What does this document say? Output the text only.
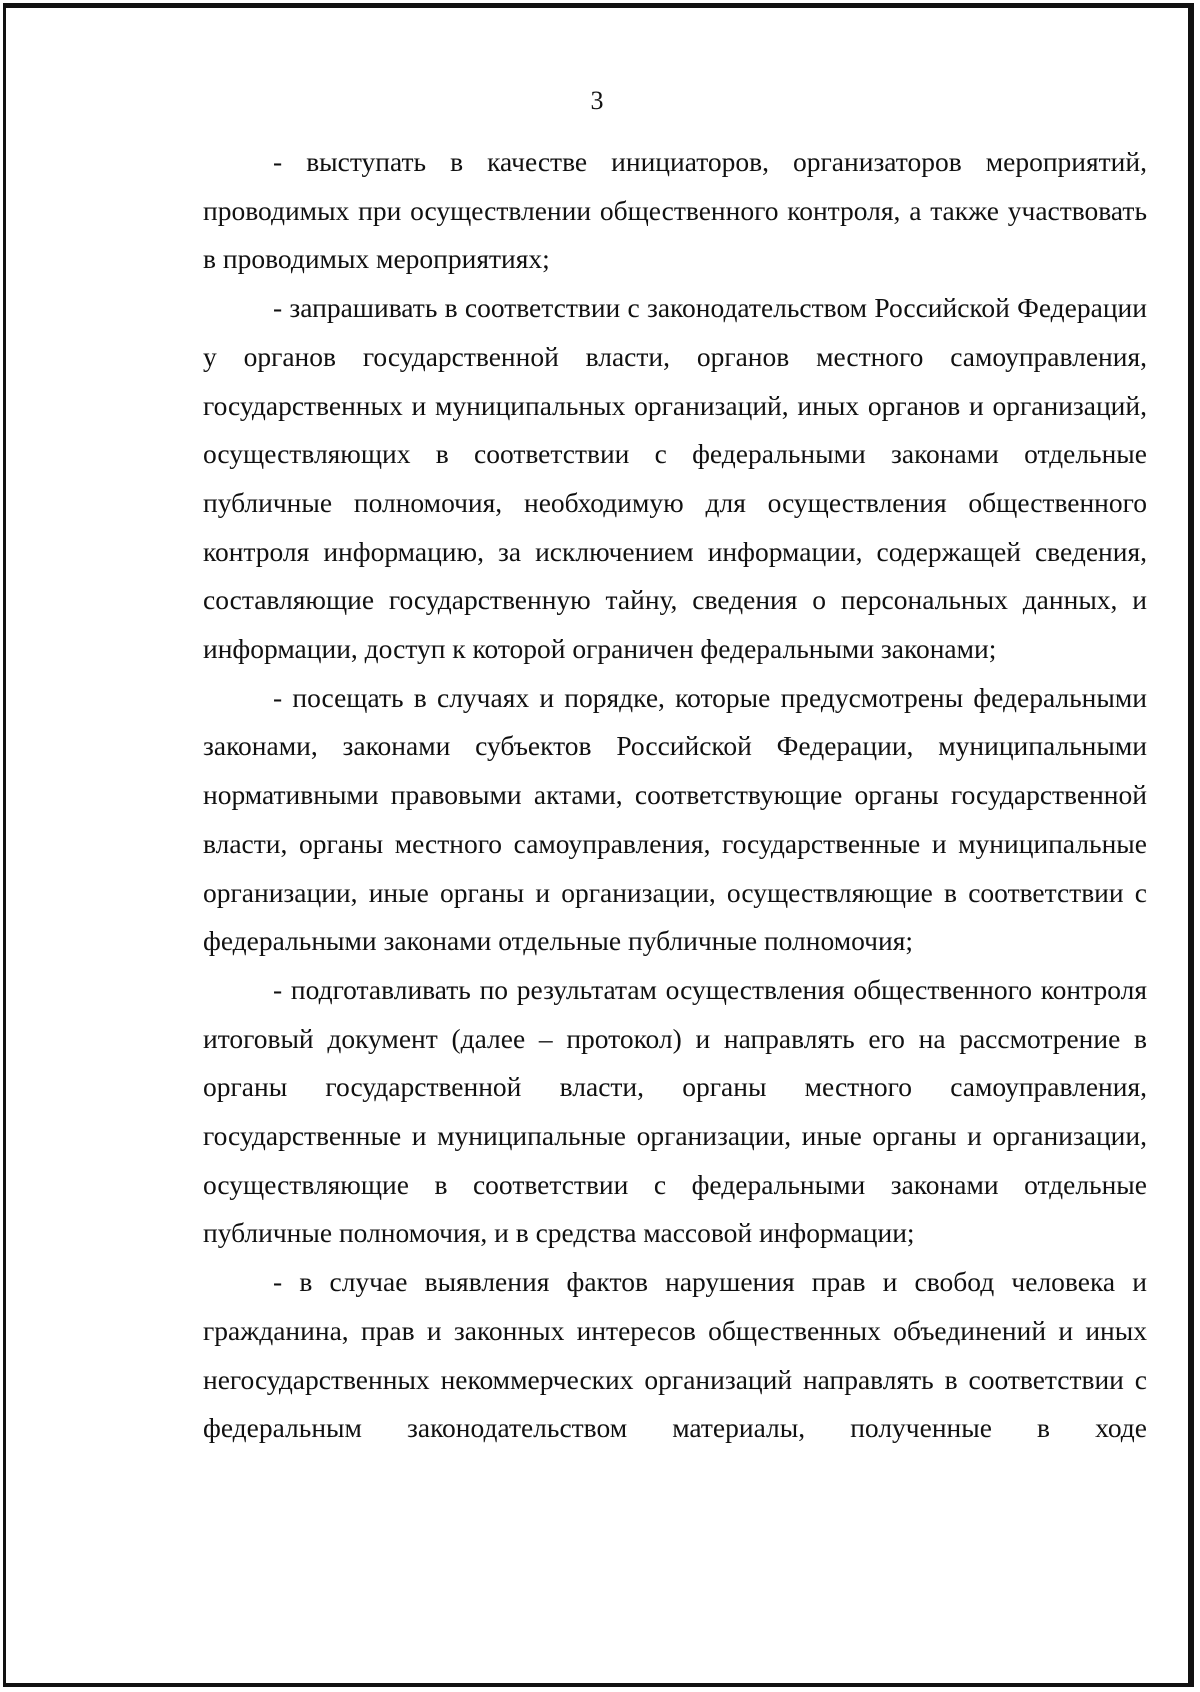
3

- выступать в качестве инициаторов, организаторов мероприятий, проводимых при осуществлении общественного контроля, а также участвовать в проводимых мероприятиях;

- запрашивать в соответствии с законодательством Российской Федерации у органов государственной власти, органов местного самоуправления, государственных и муниципальных организаций, иных органов и организаций, осуществляющих в соответствии с федеральными законами отдельные публичные полномочия, необходимую для осуществления общественного контроля информацию, за исключением информации, содержащей сведения, составляющие государственную тайну, сведения о персональных данных, и информации, доступ к которой ограничен федеральными законами;

- посещать в случаях и порядке, которые предусмотрены федеральными законами, законами субъектов Российской Федерации, муниципальными нормативными правовыми актами, соответствующие органы государственной власти, органы местного самоуправления, государственные и муниципальные организации, иные органы и организации, осуществляющие в соответствии с федеральными законами отдельные публичные полномочия;

- подготавливать по результатам осуществления общественного контроля итоговый документ (далее – протокол) и направлять его на рассмотрение в органы государственной власти, органы местного самоуправления, государственные и муниципальные организации, иные органы и организации, осуществляющие в соответствии с федеральными законами отдельные публичные полномочия, и в средства массовой информации;

- в случае выявления фактов нарушения прав и свобод человека и гражданина, прав и законных интересов общественных объединений и иных негосударственных некоммерческих организаций направлять в соответствии с федеральным законодательством материалы, полученные в ходе
